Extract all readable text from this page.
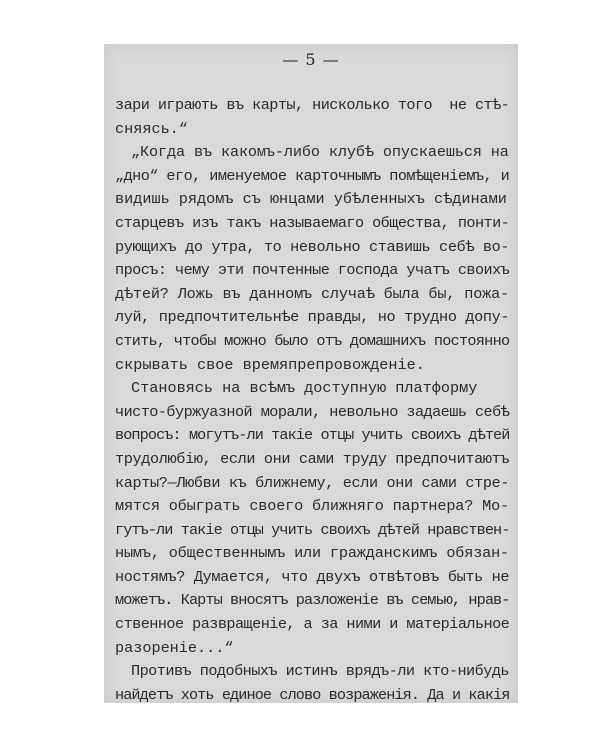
— 5 —
зари играють въ карты, нисколько того  не стѣ-
сняясь.“
„Когда въ какомъ-либо клубѣ опускаешься на
„дно“ его, именуемое карточнымъ помѣщеніемъ, и
видишь рядомъ съ юнцами убѣленныхъ сѣдинами
старцевъ изъ такъ называемаго общества, понти-
рующихъ до утра, то невольно ставишь себѣ во-
просъ: чему эти почтенные господа учатъ своихъ
дѣтей? Ложь въ данномъ случаѣ была бы, пожа-
луй, предпочтительнѣе правды, но трудно допу-
стить, чтобы можно было отъ домашнихъ постоянно
скрывать свое времяпрепровожденіе.
Становясь на всѣмъ доступную платформу
чисто-буржуазной морали, невольно задаешь себѣ
вопросъ: могутъ-ли такіе отцы учить своихъ дѣтей
трудолюбію, если они сами труду предпочитаютъ
карты?—Любви къ ближнему, если они сами стре-
мятся обыграть своего ближняго партнера? Мо-
гутъ-ли такіе отцы учить своихъ дѣтей нравствен-
нымъ, общественнымъ или гражданскимъ обязан-
ностямъ? Думается, что двухъ отвѣтовъ быть не
можетъ. Карты вносятъ разложеніе въ семью, нрав-
ственное развращеніе, а за ними и матеріальное
разореніе...“
Противъ подобныхъ истинъ врядъ-ли кто-нибудь
найдетъ хоть единое слово возраженія. Да и какія
